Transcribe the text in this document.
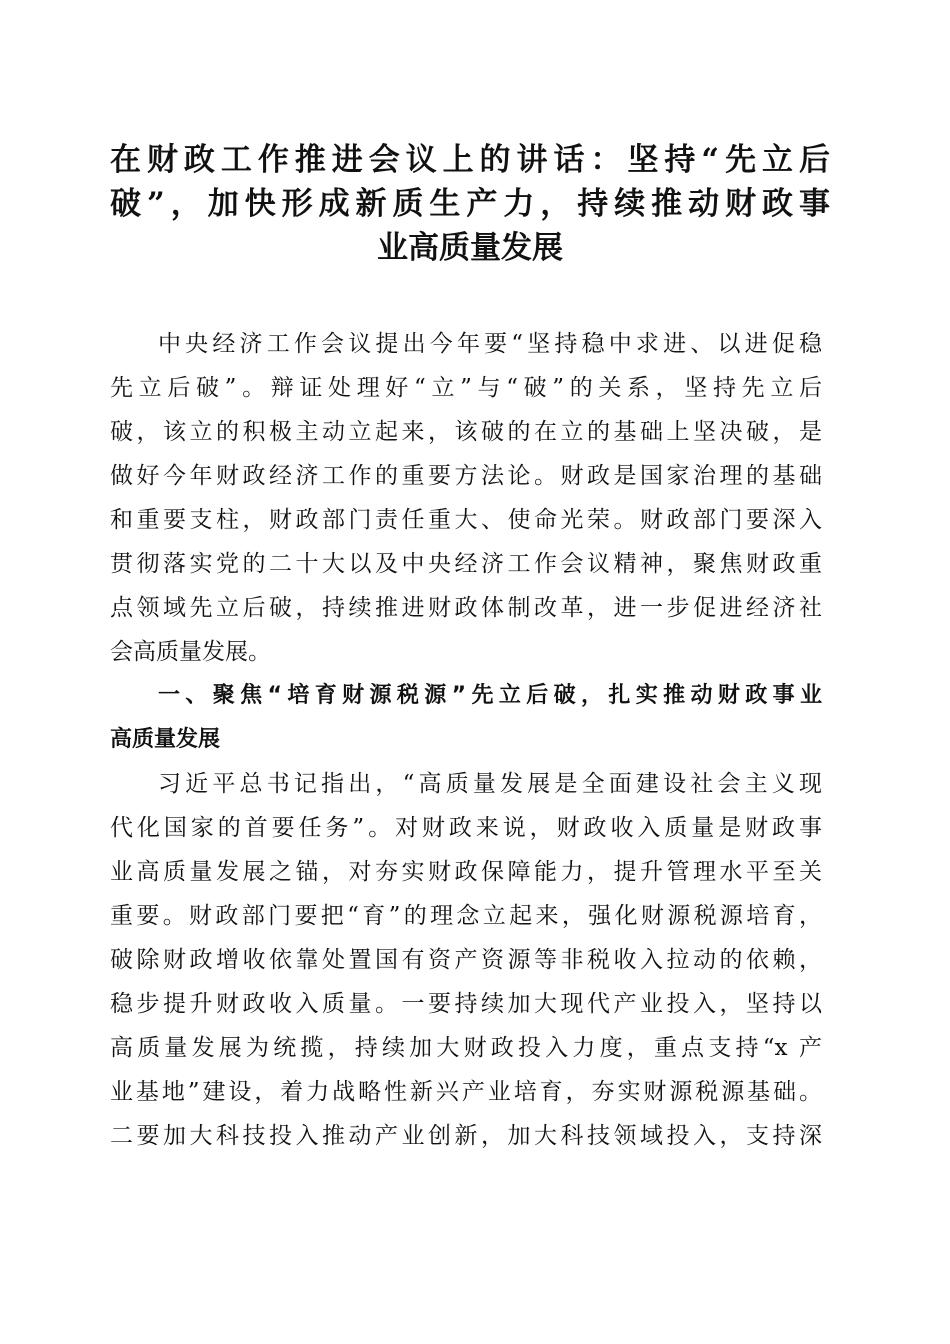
在财政工作推进会议上的讲话：坚持“先立后
破”，加快形成新质生产力，持续推动财政事
业高质量发展
中央经济工作会议提出今年要“坚持稳中求进、以进促稳
先立后破”。辩证处理好“立”与“破”的关系，坚持先立后
破，该立的积极主动立起来，该破的在立的基础上坚决破，是
做好今年财政经济工作的重要方法论。财政是国家治理的基础
和重要支柱，财政部门责任重大、使命光荣。财政部门要深入
贯彻落实党的二十大以及中央经济工作会议精神，聚焦财政重
点领域先立后破，持续推进财政体制改革，进一步促进经济社
会高质量发展。
一、聚焦“培育财源税源”先立后破，扎实推动财政事业
高质量发展
习近平总书记指出，“高质量发展是全面建设社会主义现
代化国家的首要任务”。对财政来说，财政收入质量是财政事
业高质量发展之锚，对夯实财政保障能力，提升管理水平至关
重要。财政部门要把“育”的理念立起来，强化财源税源培育，
破除财政增收依靠处置国有资产资源等非税收入拉动的依赖，
稳步提升财政收入质量。一要持续加大现代产业投入，坚持以
高质量发展为统揽，持续加大财政投入力度，重点支持“x 产
业基地”建设，着力战略性新兴产业培育，夯实财源税源基础。
二要加大科技投入推动产业创新，加大科技领域投入，支持深
